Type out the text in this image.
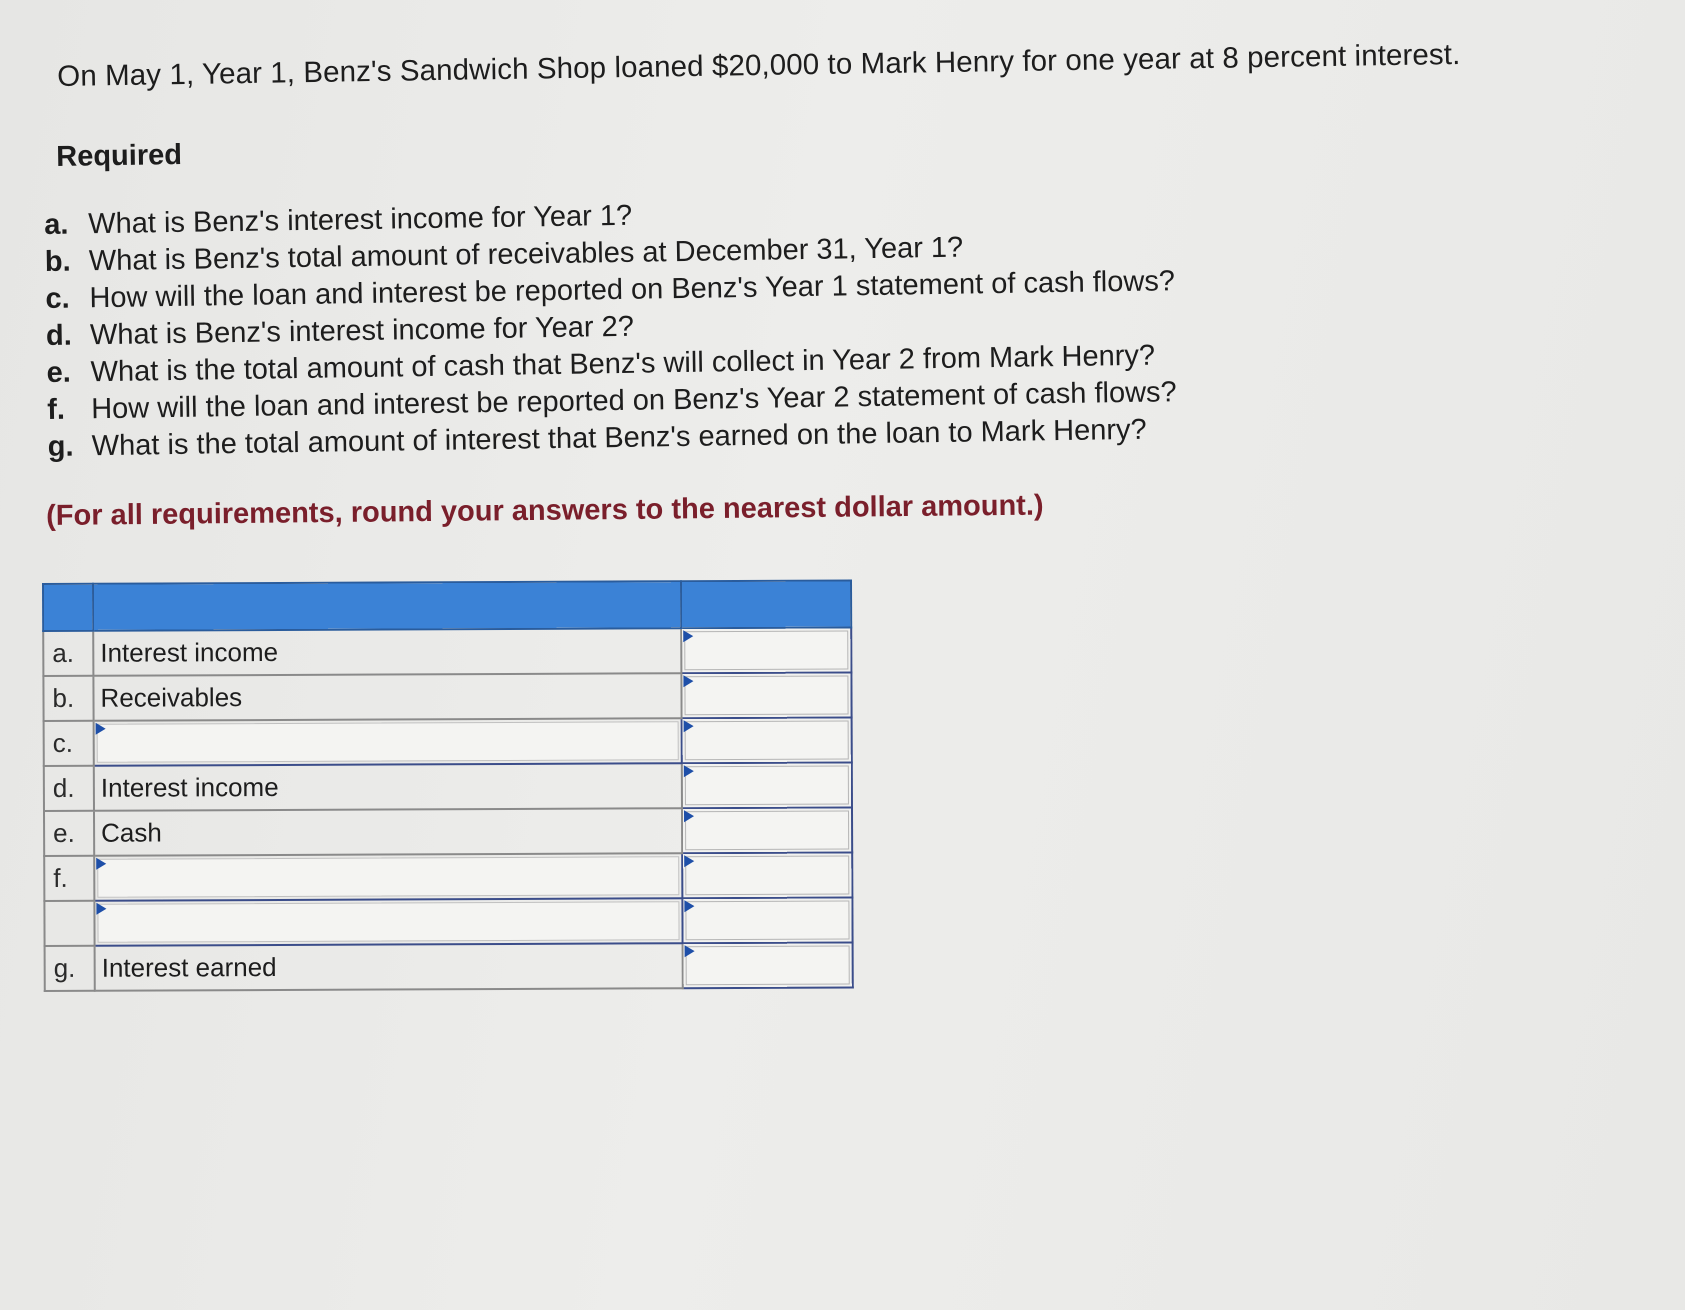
On May 1, Year 1, Benz's Sandwich Shop loaned $20,000 to Mark Henry for one year at 8 percent interest.
Required
a. What is Benz's interest income for Year 1?
b. What is Benz's total amount of receivables at December 31, Year 1?
c. How will the loan and interest be reported on Benz's Year 1 statement of cash flows?
d. What is Benz's interest income for Year 2?
e. What is the total amount of cash that Benz's will collect in Year 2 from Mark Henry?
f. How will the loan and interest be reported on Benz's Year 2 statement of cash flows?
g. What is the total amount of interest that Benz's earned on the loan to Mark Henry?
(For all requirements, round your answers to the nearest dollar amount.)

a.	Interest income	

b.	Receivables	

c.	

d.	Interest income	

e.	Cash	

f.	

g.	Interest earned	
